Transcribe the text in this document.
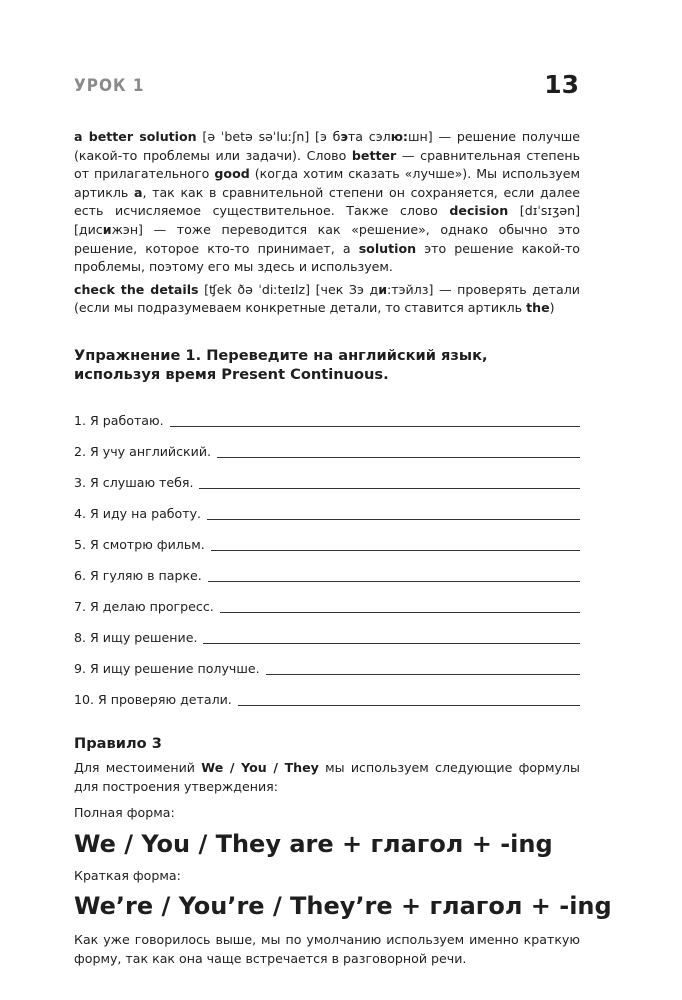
УРОК 1	13

a better solution [ə ˈbetə səˈluːʃn] [э бэта сэлю:шн] — решение получше (какой-то проблемы или задачи). Слово better — сравнительная степень от прилагательного good (когда хотим сказать «лучше»). Мы используем артикль a, так как в сравнительной степени он сохраняется, если далее есть исчисляемое существительное. Также слово decision [dɪˈsɪʒən] [дисижэн] — тоже переводится как «решение», однако обычно это решение, которое кто-то принимает, а solution это решение какой-то проблемы, поэтому его мы здесь и используем.

check the details [ʧek ðə ˈdiːteɪlz] [чек Зэ ди:тэйлз] — проверять детали (если мы подразумеваем конкретные детали, то ставится артикль the)

Упражнение 1. Переведите на английский язык,
используя время Present Continuous.
1. Я работаю.
2. Я учу английский.
3. Я слушаю тебя.
4. Я иду на работу.
5. Я смотрю фильм.
6. Я гуляю в парке.
7. Я делаю прогресс.
8. Я ищу решение.
9. Я ищу решение получше.
10. Я проверяю детали.
Правило 3

Для местоимений We / You / They мы используем следующие формулы для построения утверждения:

Полная форма:
We / You / They are + глагол + -ing
Краткая форма:
We’re / You’re / They’re + глагол + -ing

Как уже говорилось выше, мы по умолчанию используем именно краткую форму, так как она чаще встречается в разговорной речи.
